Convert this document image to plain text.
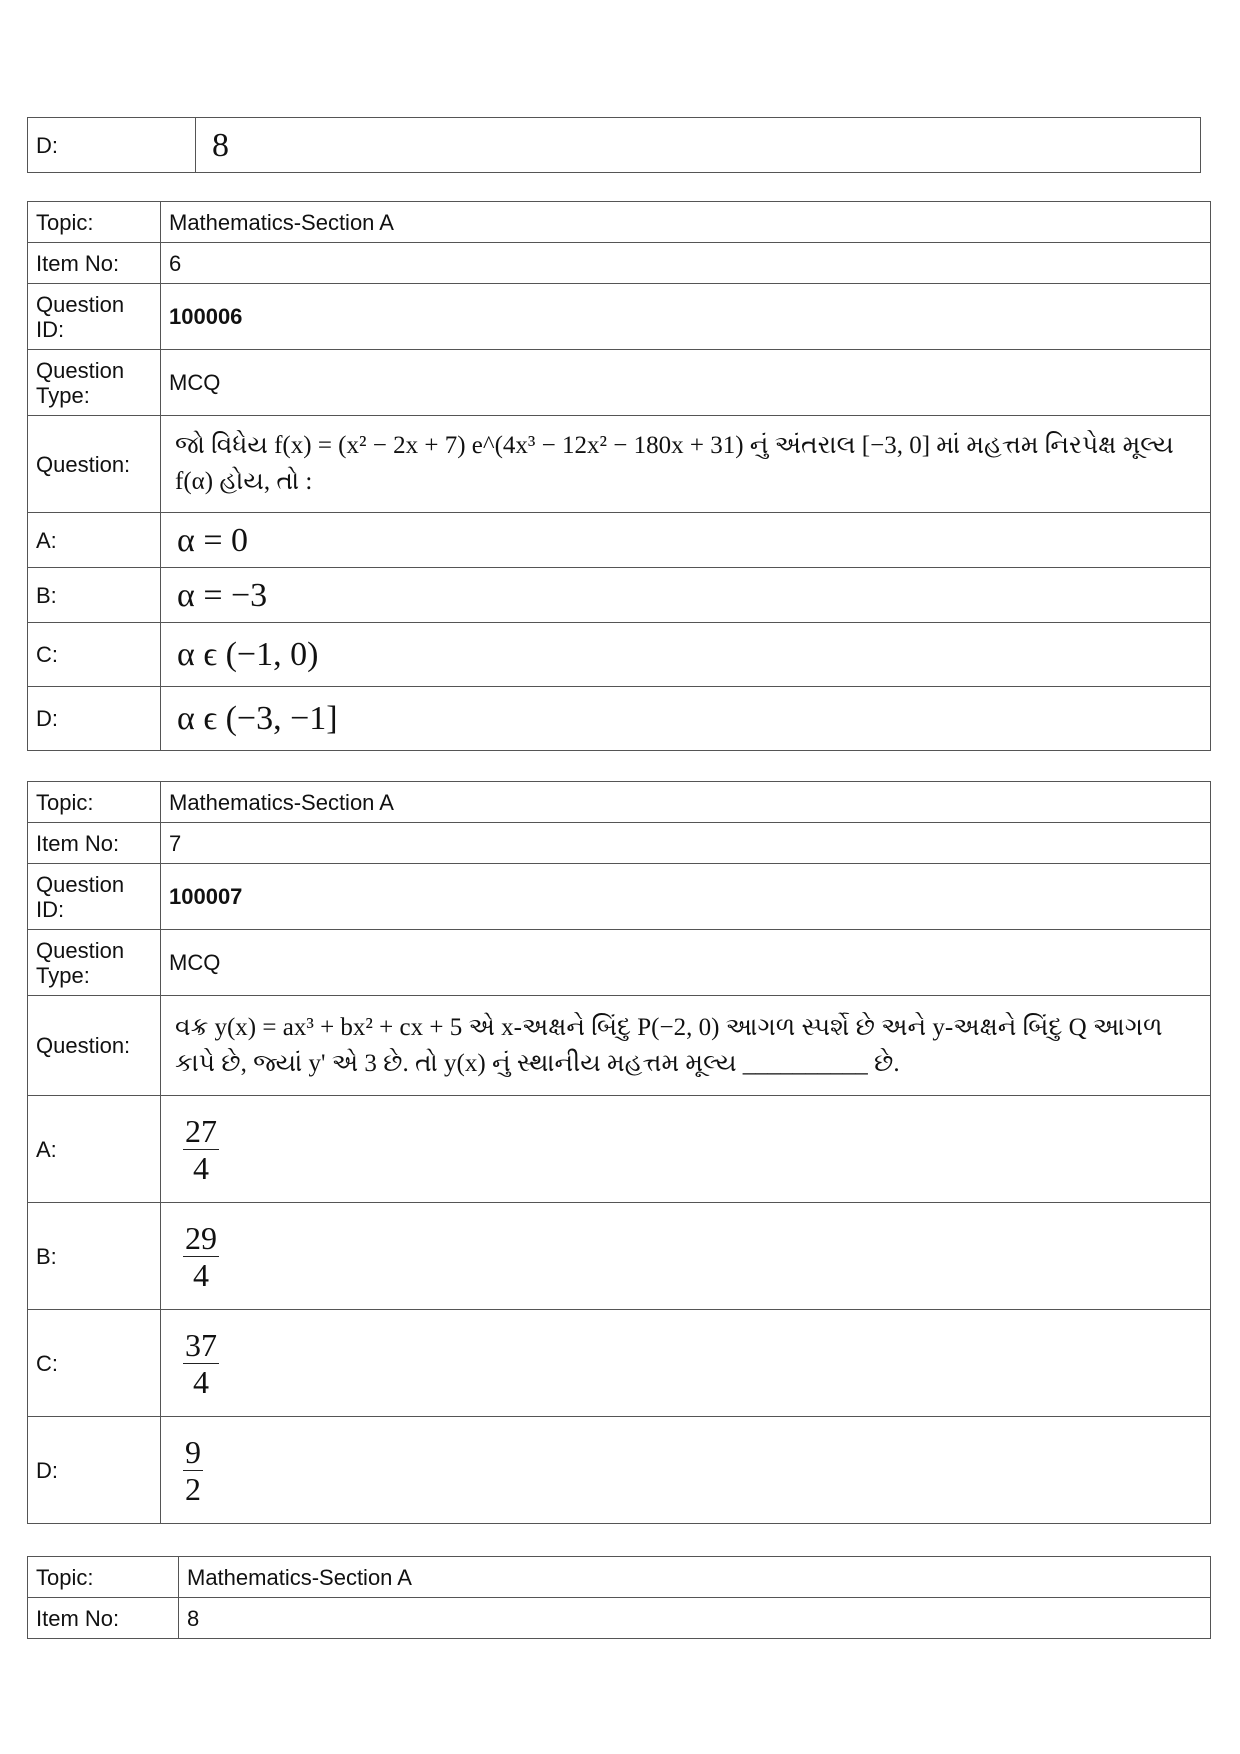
D:	8
Topic:	Mathematics-Section A
Item No:	6
Question ID:	100006
Question Type:	MCQ
Question:	જો વિધેય f(x) = (x² − 2x + 7) e^(4x³ − 12x² − 180x + 31) નું અંતરાલ [−3, 0] માં મહત્તમ નિરપેક્ષ મૂલ્ય f(α) હોય, તો :
A:	α = 0
B:	α = −3
C:	α ϵ (−1, 0)
D:	α ϵ (−3, −1]
Topic:	Mathematics-Section A
Item No:	7
Question ID:	100007
Question Type:	MCQ
Question:	વક્ર y(x) = ax³ + bx² + cx + 5 એ x-અક્ષને બિંદુ P(−2, 0) આગળ સ્પર્શે છે અને y-અક્ષને બિંદુ Q આગળ કાપે છે, જ્યાં y' એ 3 છે. તો y(x) નું સ્થાનીય મહત્તમ મૂલ્ય __________ છે.
A:	$\frac{27}{4}$

B:	$\frac{29}{4}$

C:	$\frac{37}{4}$

D:	$\frac{9}{2}$
Topic:	Mathematics-Section A
Item No:	8
